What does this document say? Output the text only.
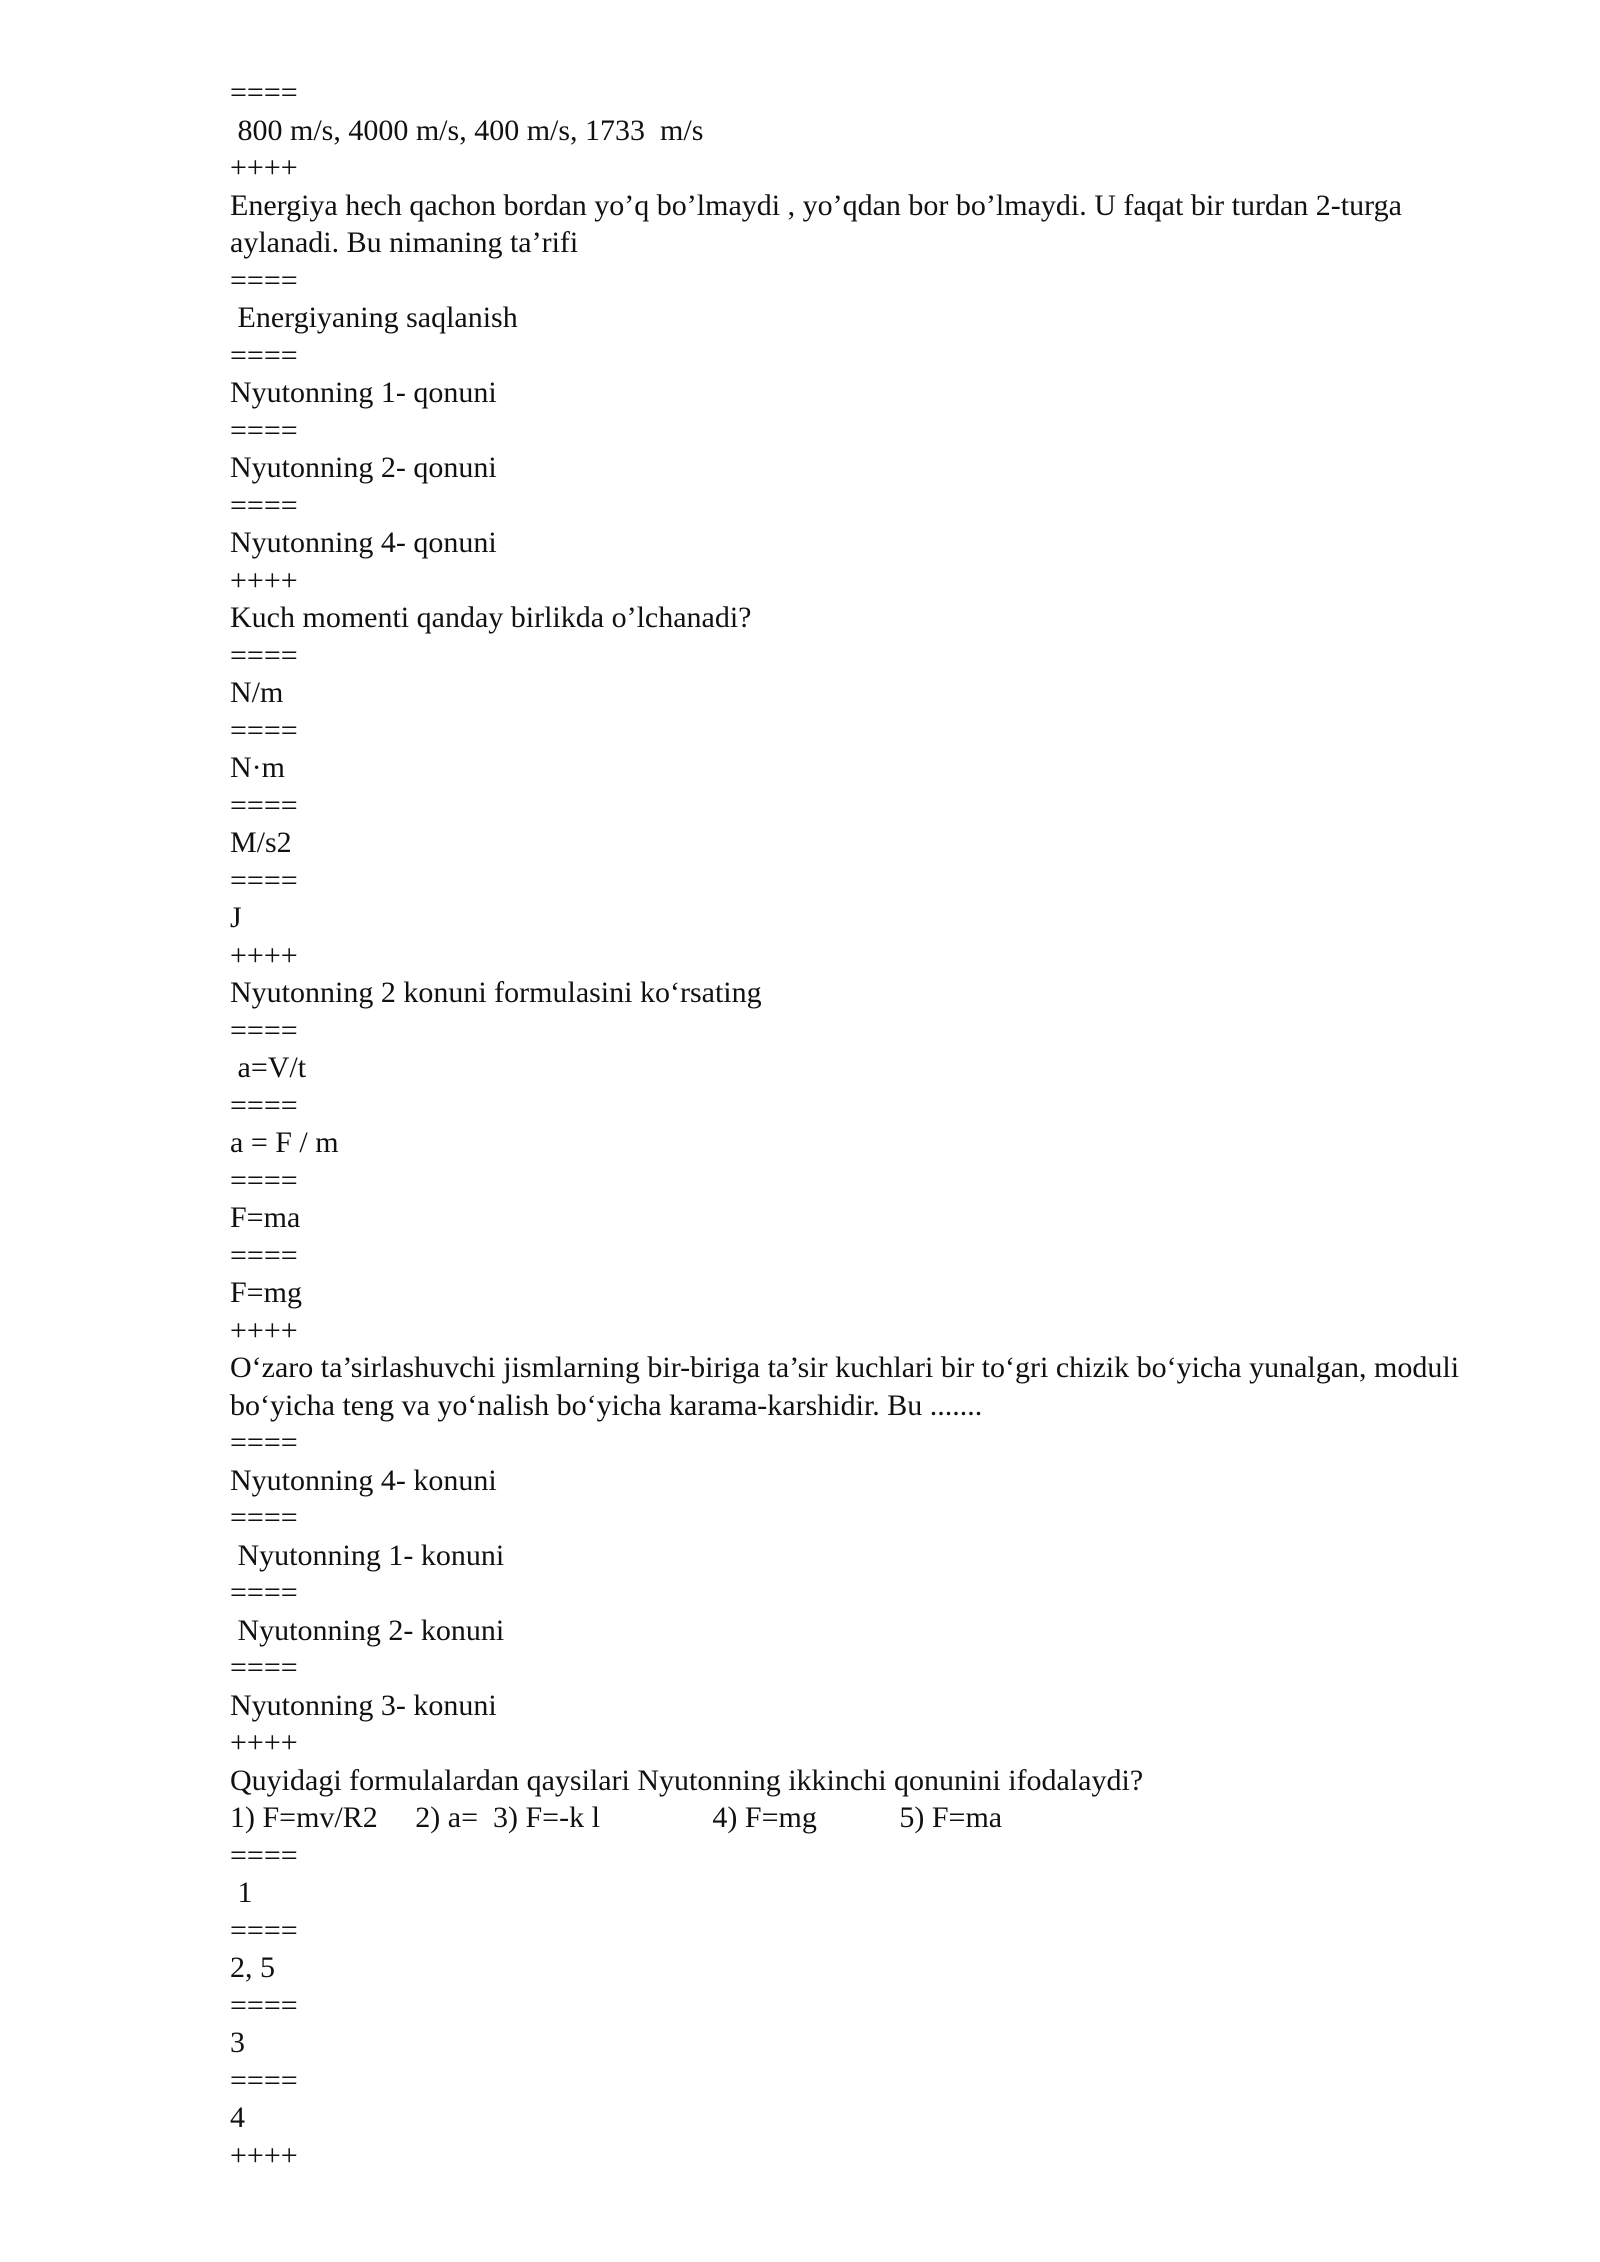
====
800 m/s, 4000 m/s, 400 m/s, 1733  m/s
++++
Energiya hech qachon bordan yo’q bo’lmaydi , yo’qdan bor bo’lmaydi. U faqat bir turdan 2-turga aylanadi. Bu nimaning ta’rifi
====
Energiyaning saqlanish
====
Nyutonning 1- qonuni
====
Nyutonning 2- qonuni
====
Nyutonning 4- qonuni
++++
Kuch momenti qanday birlikda o’lchanadi?
====
N/m
====
N·m
====
M/s2
====
J
++++
Nyutonning 2 konuni formulasini ko‘rsating
====
a=V/t
====
a = F / m
====
F=ma
====
F=mg
++++
O‘zaro ta’sirlashuvchi jismlarning bir-biriga ta’sir kuchlari bir to‘gri chizik bo‘yicha yunalgan, moduli bo‘yicha teng va yo‘nalish bo‘yicha karama-karshidir. Bu .......
====
Nyutonning 4- konuni
====
Nyutonning 1- konuni
====
Nyutonning 2- konuni
====
Nyutonning 3- konuni
++++
Quyidagi formulalardan qaysilari Nyutonning ikkinchi qonunini ifodalaydi?
1) F=mv/R2     2) a=  3) F=-k l               4) F=mg           5) F=ma
====
1
====
2, 5
====
3
====
4
++++
